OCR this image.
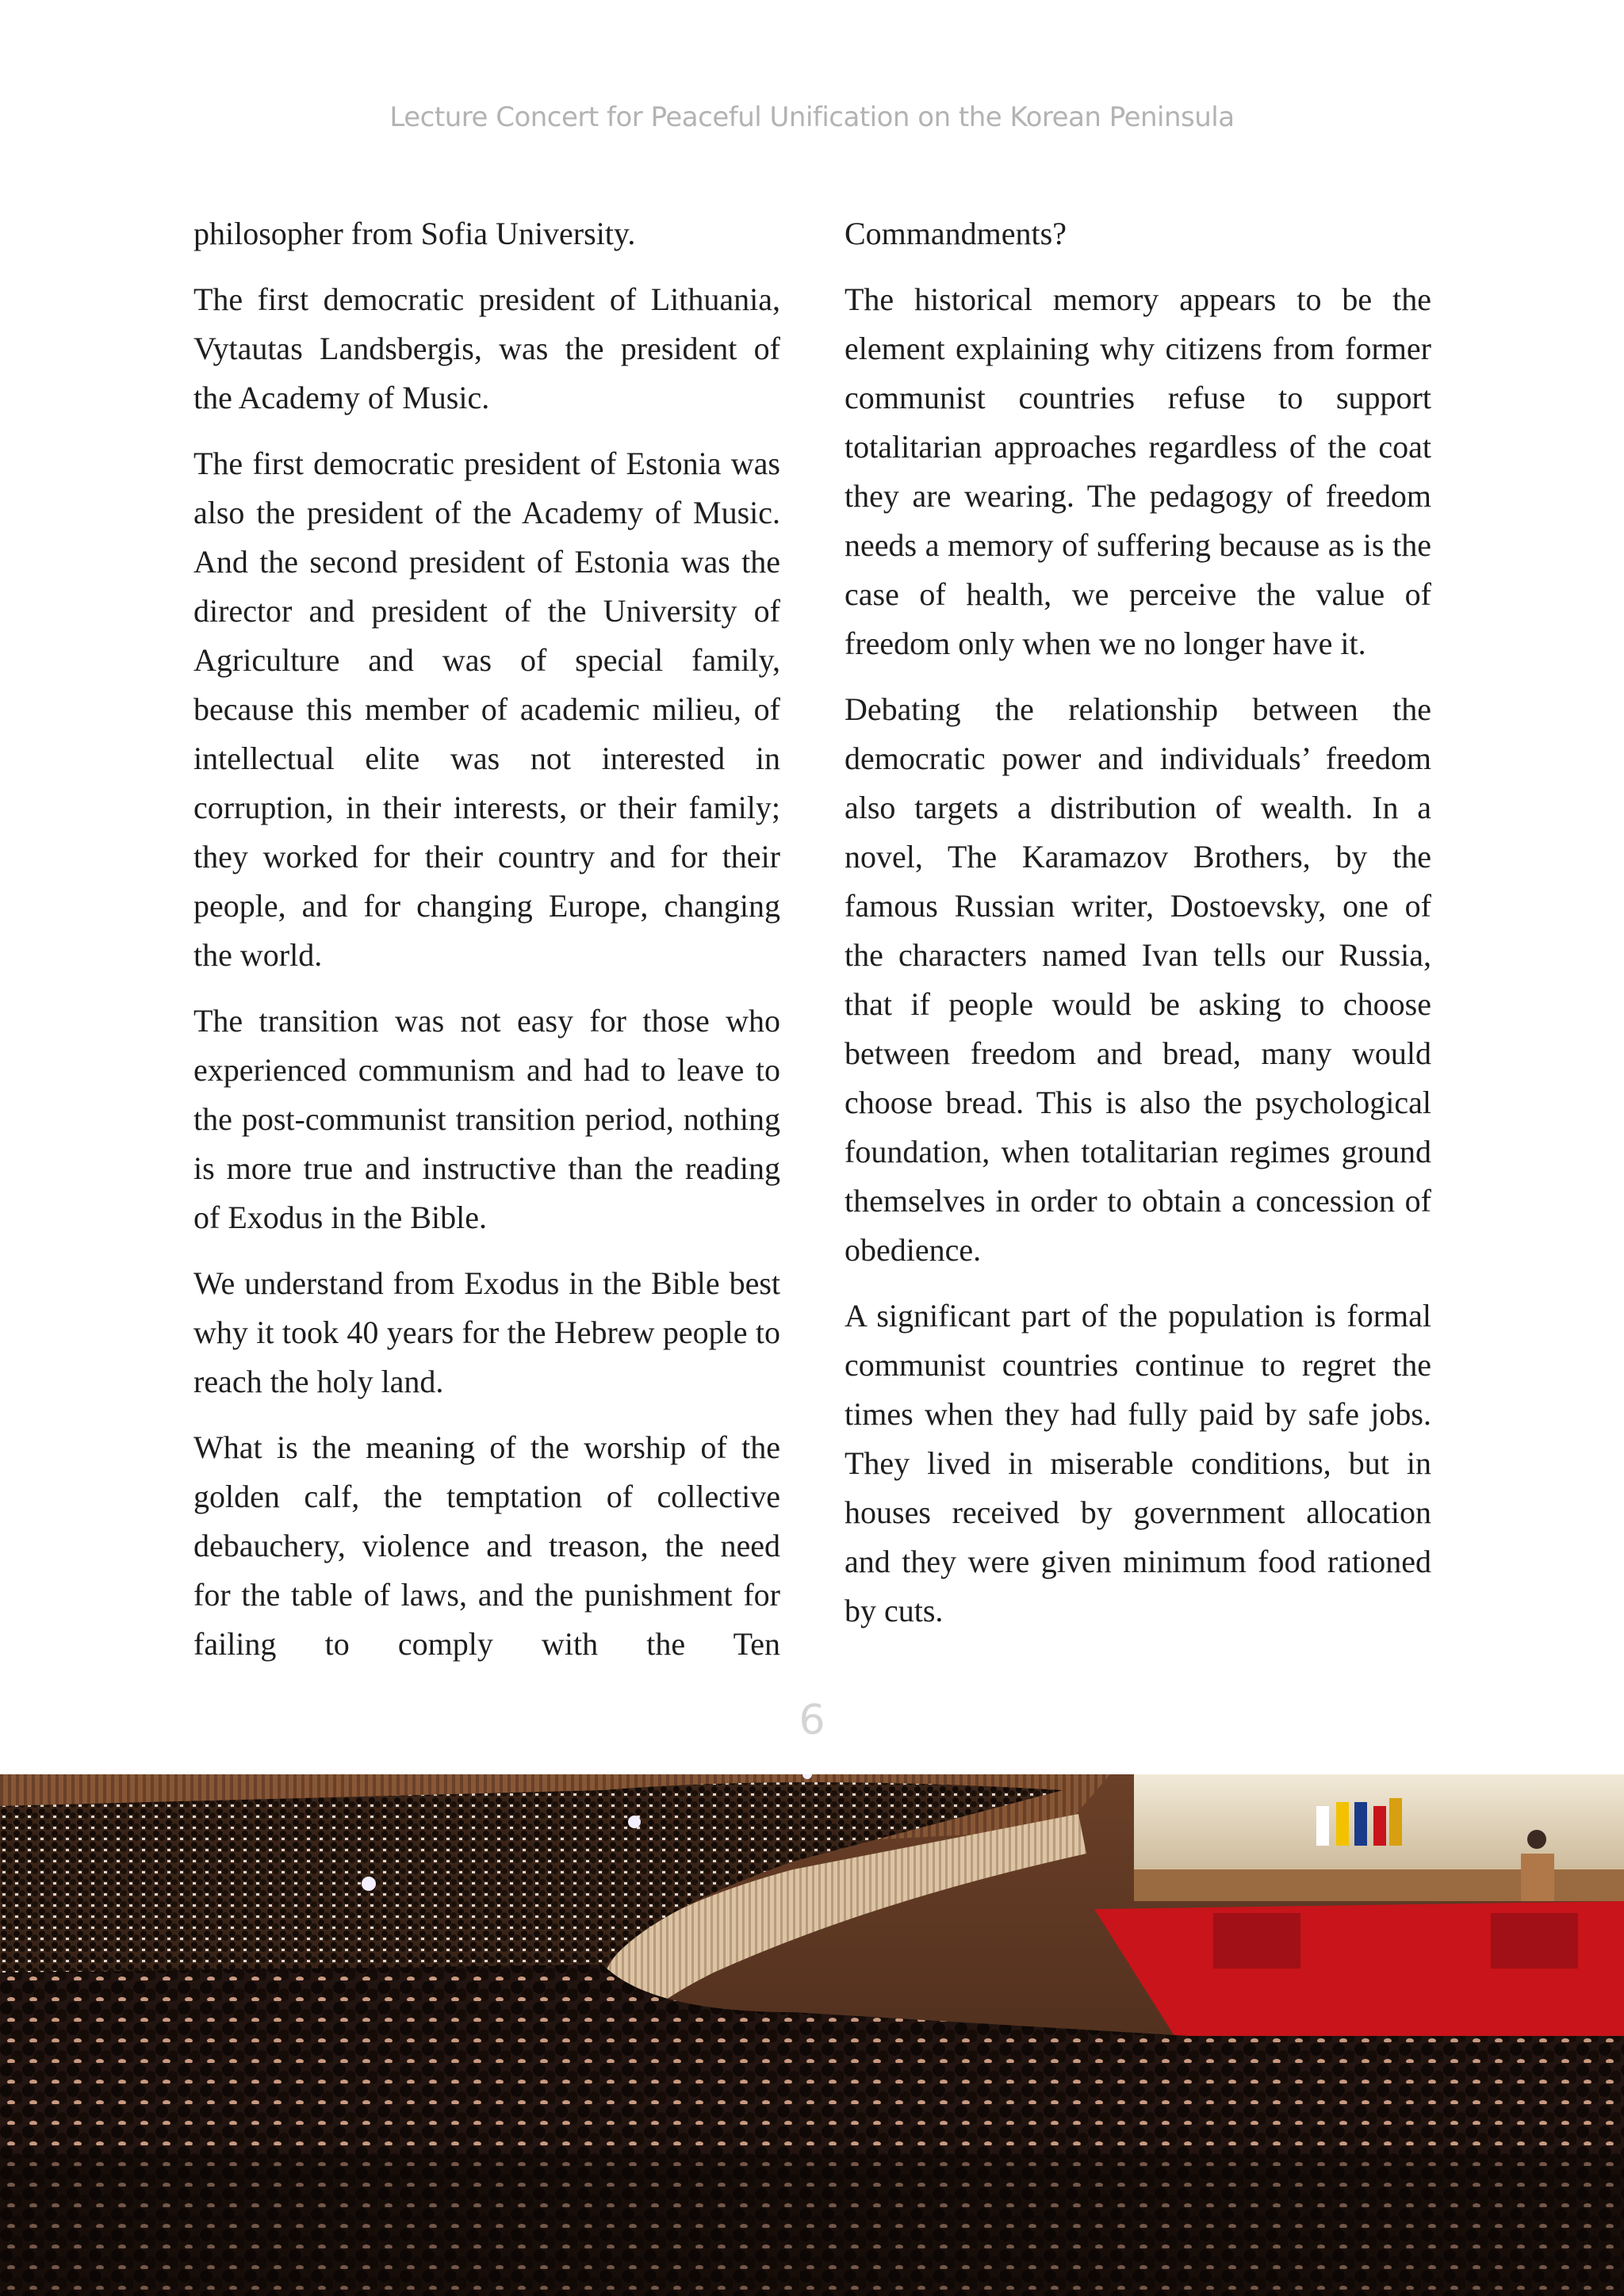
Lecture Concert for Peaceful Unification on the Korean Peninsula

philosopher from Sofia University.

The first democratic president of Lithuania, Vytautas Landsbergis, was the president of the Academy of Music.

The first democratic president of Estonia was also the president of the Academy of Music. And the second president of Estonia was the director and president of the University of Agriculture and was of special family, because this member of academic milieu, of intellectual elite was not interested in corruption, in their interests, or their family; they worked for their country and for their people, and for changing Europe, changing the world.

The transition was not easy for those who experienced communism and had to leave to the post-communist transition period, nothing is more true and instructive than the reading of Exodus in the Bible.

We understand from Exodus in the Bible best why it took 40 years for the Hebrew people to reach the holy land.

What is the meaning of the worship of the golden calf, the temptation of collective debauchery, violence and treason, the need for the table of laws, and the punishment for failing to comply with the Ten

Commandments?

The historical memory appears to be the element explaining why citizens from former communist countries refuse to support totalitarian approaches regardless of the coat they are wearing. The pedagogy of freedom needs a memory of suffering because as is the case of health, we perceive the value of freedom only when we no longer have it.

Debating the relationship between the democratic power and individuals’ freedom also targets a distribution of wealth. In a novel, The Karamazov Brothers, by the famous Russian writer, Dostoevsky, one of the characters named Ivan tells our Russia, that if people would be asking to choose between freedom and bread, many would choose bread. This is also the psychological foundation, when totalitarian regimes ground themselves in order to obtain a concession of obedience.

A significant part of the population is formal communist countries continue to regret the times when they had fully paid by safe jobs. They lived in miserable conditions, but in houses received by government allocation and they were given minimum food rationed by cuts.

6
